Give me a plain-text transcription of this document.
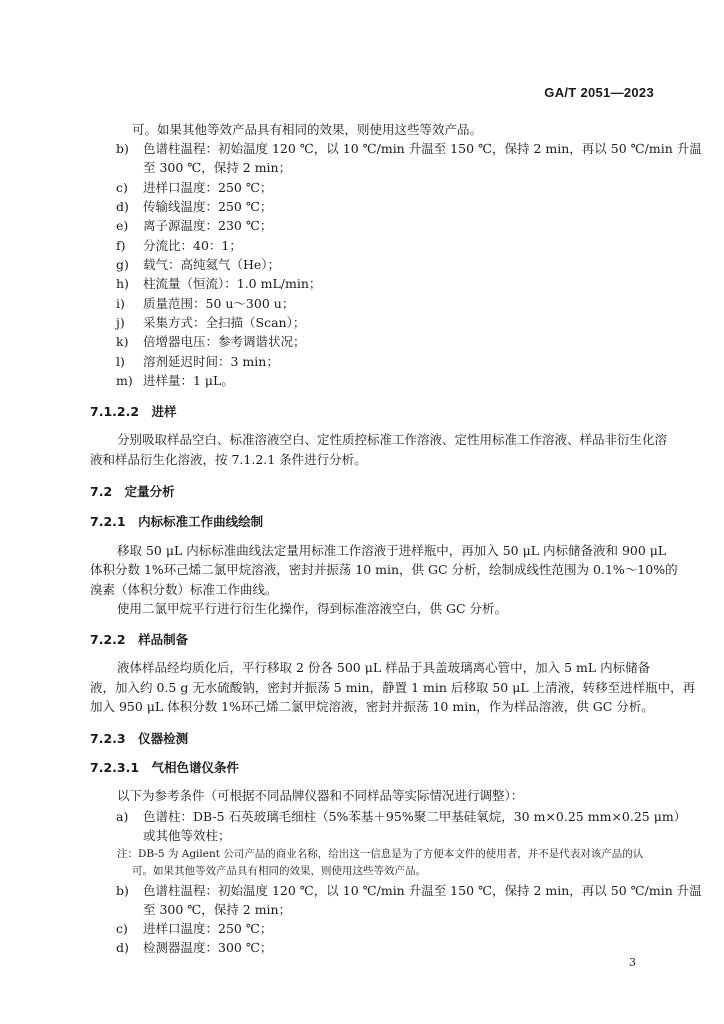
GA/T 2051—2023
可。如果其他等效产品具有相同的效果，则使用这些等效产品。
b)	色谱柱温程：初始温度 120 ℃，以 10 ℃/min 升温至 150 ℃，保持 2 min，再以 50 ℃/min 升温
至 300 ℃，保持 2 min；
c)	进样口温度：250 ℃；
d)	传输线温度：250 ℃；
e)	离子源温度：230 ℃；
f)	分流比：40：1；
g)	载气：高纯氦气（He）；
h)	柱流量（恒流）：1.0 mL/min；
i)	质量范围：50 u～300 u；
j)	采集方式：全扫描（Scan）；
k)	倍增器电压：参考调谐状况；
l)	溶剂延迟时间：3 min；
m) 进样量：1 μL。
7.1.2.2　进样
分别吸取样品空白、标准溶液空白、定性质控标准工作溶液、定性用标准工作溶液、样品非衍生化溶
液和样品衍生化溶液，按 7.1.2.1 条件进行分析。
7.2　定量分析
7.2.1　内标标准工作曲线绘制
移取 50 μL 内标标准曲线法定量用标准工作溶液于进样瓶中，再加入 50 μL 内标储备液和 900 μL
体积分数 1%环己烯二氯甲烷溶液，密封并振荡 10 min，供 GC 分析，绘制成线性范围为 0.1%～10%的
溴素（体积分数）标准工作曲线。
使用二氯甲烷平行进行衍生化操作，得到标准溶液空白，供 GC 分析。
7.2.2　样品制备
液体样品经均质化后，平行移取 2 份各 500 μL 样品于具盖玻璃离心管中，加入 5 mL 内标储备
液，加入约 0.5 g 无水硫酸钠，密封并振荡 5 min，静置 1 min 后移取 50 μL 上清液，转移至进样瓶中，再
加入 950 μL 体积分数 1%环己烯二氯甲烷溶液，密封并振荡 10 min，作为样品溶液，供 GC 分析。
7.2.3　仪器检测
7.2.3.1　气相色谱仪条件
以下为参考条件（可根据不同品牌仪器和不同样品等实际情况进行调整）：
a)	色谱柱：DB-5 石英玻璃毛细柱（5%苯基＋95%聚二甲基硅氧烷，30 m×0.25 mm×0.25 μm）
或其他等效柱；
注：DB-5 为 Agilent 公司产品的商业名称，给出这一信息是为了方便本文件的使用者，并不是代表对该产品的认
可。如果其他等效产品具有相同的效果，则使用这些等效产品。
b)	色谱柱温程：初始温度 120 ℃，以 10 ℃/min 升温至 150 ℃，保持 2 min，再以 50 ℃/min 升温
至 300 ℃，保持 2 min；
c)	进样口温度：250 ℃；
d)	检测器温度：300 ℃；
3
